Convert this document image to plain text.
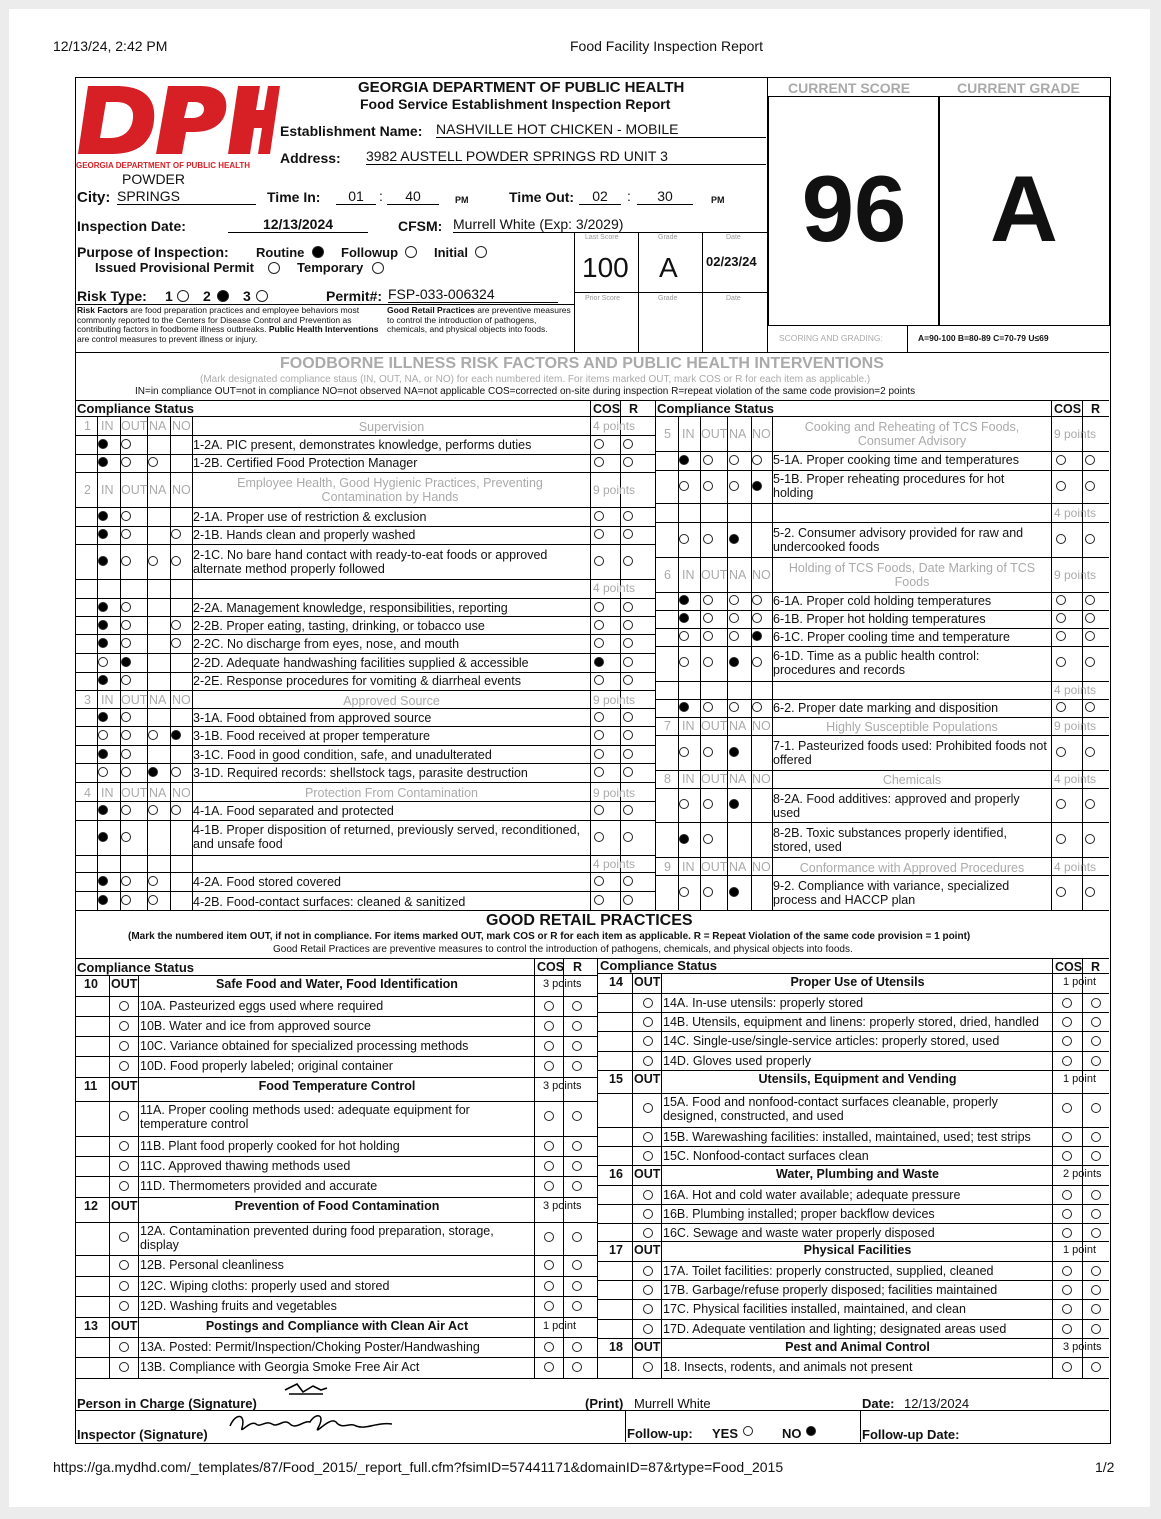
12/13/24, 2:42 PM	Food Facility Inspection Report
https://ga.mydhd.com/_templates/87/Food_2015/_report_full.cfm?fsimID=57441171&domainID=87&rtype=Food_2015	1/2
GEORGIA DEPARTMENT OF PUBLIC HEALTH
GEORGIA DEPARTMENT OF PUBLIC HEALTH
Food Service Establishment Inspection Report
Establishment Name: NASHVILLE HOT CHICKEN - MOBILE
Address: 3982 AUSTELL POWDER SPRINGS RD UNIT 3
POWDER
City: SPRINGS	Time In:	01	:	40	PM	Time Out:	02	:	30	PM
Inspection Date:	12/13/2024	CFSM: Murrell White (Exp: 3/2029)
Purpose of Inspection: Routine	Followup	Initial
Issued Provisional Permit	Temporary
Risk Type: 1 2 3	Permit#: FSP-033-006324
Risk Factors are food preparation practices and employee behaviors most commonly reported to the Centers for Disease Control and Prevention as contributing factors in foodborne illness outbreaks. Public Health Interventions are control measures to prevent illness or injury.
Good Retail Practices are preventive measures to control the introduction of pathogens, chemicals, and physical objects into foods.
Last Score	Grade	Date
100 A 02/23/24
Prior Score	Grade	Date
CURRENT SCORE	CURRENT GRADE
96 A
SCORING AND GRADING:	A=90-100 B=80-89 C=70-79 U≤69
FOODBORNE ILLNESS RISK FACTORS AND PUBLIC HEALTH INTERVENTIONS
(Mark designated compliance staus (IN, OUT, NA, or NO) for each numbered item. For items marked OUT, mark COS or R for each item as applicable.)
IN=in compliance OUT=not in compliance NO=not observed NA=not applicable COS=corrected on-site during inspection R=repeat violation of the same code provision=2 points
Compliance Status	COS R Compliance Status	COS R
1 IN OUT NA NO	Supervision	4 points
1-2A. PIC present, demonstrates knowledge, performs duties
1-2B. Certified Food Protection Manager
2 IN OUT NA NO	Employee Health, Good Hygienic Practices, Preventing Contamination by Hands	9 points
2-1A. Proper use of restriction & exclusion
2-1B. Hands clean and properly washed
2-1C. No bare hand contact with ready-to-eat foods or approved alternate method properly followed
4 points
2-2A. Management knowledge, responsibilities, reporting
2-2B. Proper eating, tasting, drinking, or tobacco use
2-2C. No discharge from eyes, nose, and mouth
2-2D. Adequate handwashing facilities supplied & accessible
2-2E. Response procedures for vomiting & diarrheal events
3 IN OUT NA NO	Approved Source	9 points
3-1A. Food obtained from approved source
3-1B. Food received at proper temperature
3-1C. Food in good condition, safe, and unadulterated
3-1D. Required records: shellstock tags, parasite destruction
4 IN OUT NA NO	Protection From Contamination	9 points
4-1A. Food separated and protected
4-1B. Proper disposition of returned, previously served, reconditioned, and unsafe food
4 points
4-2A. Food stored covered
4-2B. Food-contact surfaces: cleaned & sanitized
5 IN OUT NA NO	Cooking and Reheating of TCS Foods, Consumer Advisory	9 points
5-1A. Proper cooking time and temperatures
5-1B. Proper reheating procedures for hot holding
4 points
5-2. Consumer advisory provided for raw and undercooked foods
6 IN OUT NA NO	Holding of TCS Foods, Date Marking of TCS Foods	9 points
6-1A. Proper cold holding temperatures
6-1B. Proper hot holding temperatures
6-1C. Proper cooling time and temperature
6-1D. Time as a public health control: procedures and records
4 points
6-2. Proper date marking and disposition
7 IN OUT NA NO	Highly Susceptible Populations	9 points
7-1. Pasteurized foods used: Prohibited foods not offered
8 IN OUT NA NO	Chemicals	4 points
8-2A. Food additives: approved and properly used
8-2B. Toxic substances properly identified, stored, used
9 IN OUT NA NO	Conformance with Approved Procedures	4 points
9-2. Compliance with variance, specialized process and HACCP plan
GOOD RETAIL PRACTICES
(Mark the numbered item OUT, if not in compliance. For items marked OUT, mark COS or R for each item as applicable. R = Repeat Violation of the same code provision = 1 point)
Good Retail Practices are preventive measures to control the introduction of pathogens, chemicals, and physical objects into foods.
Compliance Status	COS R Compliance Status	COS R
Person in Charge (Signature)	(Print) Murrell White	Date: 12/13/2024
Inspector (Signature)	Follow-up: YES	NO	Follow-up Date:
10 OUT	Safe Food and Water, Food Identification	3 points
10A. Pasteurized eggs used where required
10B. Water and ice from approved source
10C. Variance obtained for specialized processing methods
10D. Food properly labeled; original container
11 OUT	Food Temperature Control	3 points
11A. Proper cooling methods used: adequate equipment for temperature control
11B. Plant food properly cooked for hot holding
11C. Approved thawing methods used
11D. Thermometers provided and accurate
12 OUT	Prevention of Food Contamination	3 points
12A. Contamination prevented during food preparation, storage, display
12B. Personal cleanliness
12C. Wiping cloths: properly used and stored
12D. Washing fruits and vegetables
13 OUT	Postings and Compliance with Clean Air Act	1 point
13A. Posted: Permit/Inspection/Choking Poster/Handwashing
13B. Compliance with Georgia Smoke Free Air Act
14 OUT	Proper Use of Utensils	1 point
14A. In-use utensils: properly stored
14B. Utensils, equipment and linens: properly stored, dried, handled
14C. Single-use/single-service articles: properly stored, used
14D. Gloves used properly
15 OUT	Utensils, Equipment and Vending	1 point
15A. Food and nonfood-contact surfaces cleanable, properly designed, constructed, and used
15B. Warewashing facilities: installed, maintained, used; test strips
15C. Nonfood-contact surfaces clean
16 OUT	Water, Plumbing and Waste	2 points
16A. Hot and cold water available; adequate pressure
16B. Plumbing installed; proper backflow devices
16C. Sewage and waste water properly disposed
17 OUT	Physical Facilities	1 point
17A. Toilet facilities: properly constructed, supplied, cleaned
17B. Garbage/refuse properly disposed; facilities maintained
17C. Physical facilities installed, maintained, and clean
17D. Adequate ventilation and lighting; designated areas used
18 OUT	Pest and Animal Control	3 points
18. Insects, rodents, and animals not present
